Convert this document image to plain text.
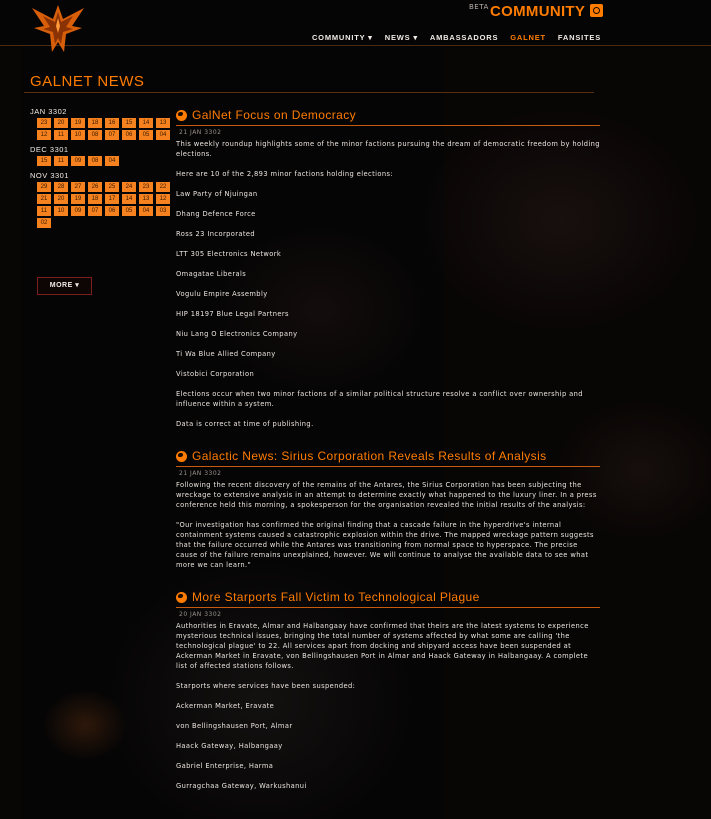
BETA COMMUNITY
COMMUNITY ▾ NEWS ▾ AMBASSADORS GALNET FANSITES
GALNET NEWS
JAN 3302
23	20	19	18	16	15	14	13
12	11	10	08	07	06	05	04
DEC 3301
15	11	09	08	04
NOV 3301
29	28	27	26	25	24	23	22
21	20	19	18	17	14	13	12
11	10	09	07	06	05	04	03
02
MORE ▾
GalNet Focus on Democracy
21 JAN 3302

This weekly roundup highlights some of the minor factions pursuing the dream of democratic freedom by holding elections.

Here are 10 of the 2,893 minor factions holding elections:

Law Party of Njuingan

Dhang Defence Force

Ross 23 Incorporated

LTT 305 Electronics Network

Omagatae Liberals

Vogulu Empire Assembly

HIP 18197 Blue Legal Partners

Niu Lang O Electronics Company

Ti Wa Blue Allied Company

Vistobici Corporation

Elections occur when two minor factions of a similar political structure resolve a conflict over ownership and influence within a system.

Data is correct at time of publishing.

Galactic News: Sirius Corporation Reveals Results of Analysis
21 JAN 3302

Following the recent discovery of the remains of the Antares, the Sirius Corporation has been subjecting the wreckage to extensive analysis in an attempt to determine exactly what happened to the luxury liner. In a press conference held this morning, a spokesperson for the organisation revealed the initial results of the analysis:

"Our investigation has confirmed the original finding that a cascade failure in the hyperdrive's internal containment systems caused a catastrophic explosion within the drive. The mapped wreckage pattern suggests that the failure occurred while the Antares was transitioning from normal space to hyperspace. The precise cause of the failure remains unexplained, however. We will continue to analyse the available data to see what more we can learn."

More Starports Fall Victim to Technological Plague
20 JAN 3302

Authorities in Eravate, Almar and Halbangaay have confirmed that theirs are the latest systems to experience mysterious technical issues, bringing the total number of systems affected by what some are calling 'the technological plague' to 22. All services apart from docking and shipyard access have been suspended at Ackerman Market in Eravate, von Bellingshausen Port in Almar and Haack Gateway in Halbangaay. A complete list of affected stations follows.

Starports where services have been suspended:

Ackerman Market, Eravate

von Bellingshausen Port, Almar

Haack Gateway, Halbangaay

Gabriel Enterprise, Harma

Gurragchaa Gateway, Warkushanui
